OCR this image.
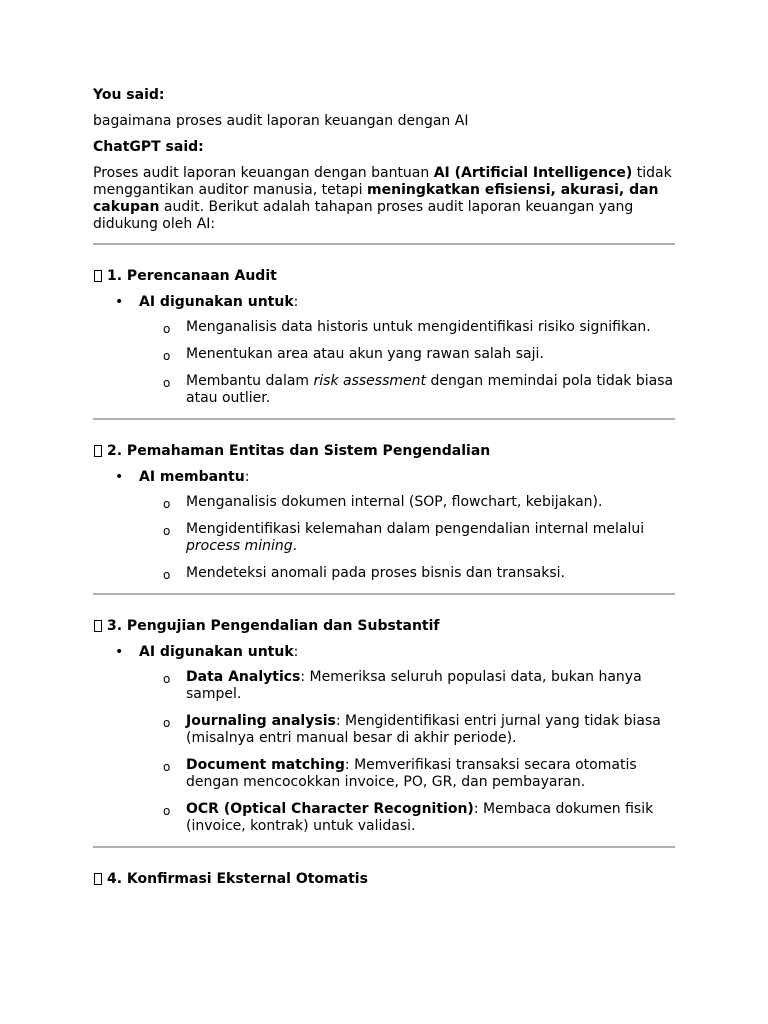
You said:

bagaimana proses audit laporan keuangan dengan AI

ChatGPT said:

Proses audit laporan keuangan dengan bantuan AI (Artificial Intelligence) tidak menggantikan auditor manusia, tetapi meningkatkan efisiensi, akurasi, dan cakupan audit. Berikut adalah tahapan proses audit laporan keuangan yang didukung oleh AI:

1. Perencanaan Audit

• AI digunakan untuk:
o Menganalisis data historis untuk mengidentifikasi risiko signifikan.
o Menentukan area atau akun yang rawan salah saji.
o Membantu dalam risk assessment dengan memindai pola tidak biasa atau outlier.

2. Pemahaman Entitas dan Sistem Pengendalian

• AI membantu:
o Menganalisis dokumen internal (SOP, flowchart, kebijakan).
o Mengidentifikasi kelemahan dalam pengendalian internal melalui process mining.
o Mendeteksi anomali pada proses bisnis dan transaksi.

3. Pengujian Pengendalian dan Substantif

• AI digunakan untuk:
o Data Analytics: Memeriksa seluruh populasi data, bukan hanya sampel.
o Journaling analysis: Mengidentifikasi entri jurnal yang tidak biasa (misalnya entri manual besar di akhir periode).
o Document matching: Memverifikasi transaksi secara otomatis dengan mencocokkan invoice, PO, GR, dan pembayaran.
o OCR (Optical Character Recognition): Membaca dokumen fisik (invoice, kontrak) untuk validasi.

4. Konfirmasi Eksternal Otomatis
